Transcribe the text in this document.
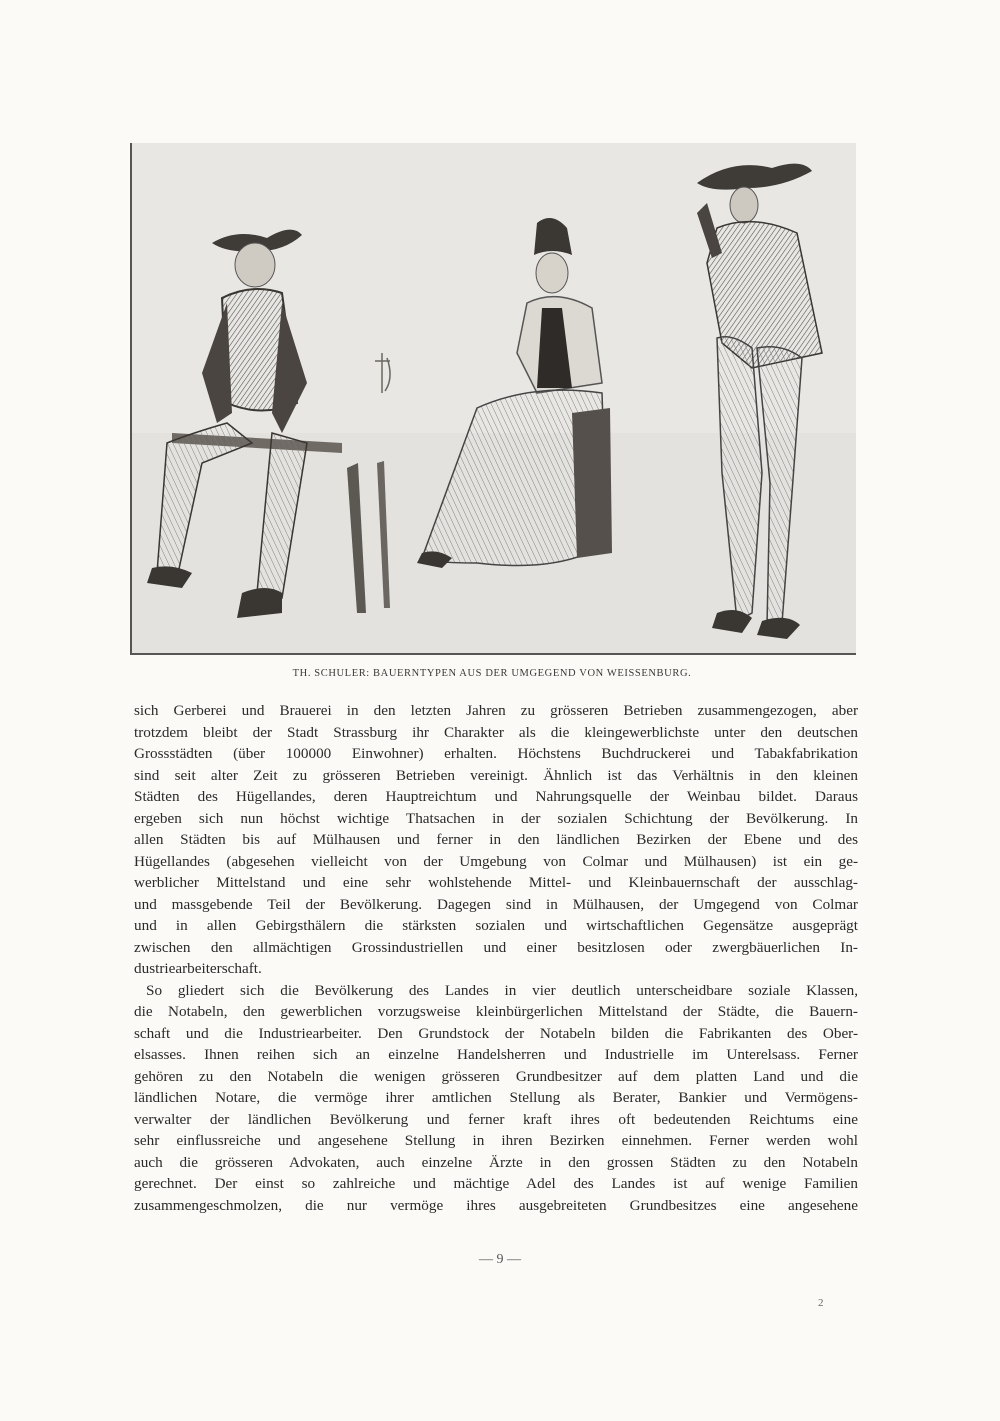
TH. SCHULER: BAUERNTYPEN AUS DER UMGEGEND VON WEISSENBURG.

sich Gerberei und Brauerei in den letzten Jahren zu grösseren Betrieben zusammengezogen, aber
trotzdem bleibt der Stadt Strassburg ihr Charakter als die kleingewerblichste unter den deutschen
Grossstädten (über 100000 Einwohner) erhalten. Höchstens Buchdruckerei und Tabakfabrikation
sind seit alter Zeit zu grösseren Betrieben vereinigt. Ähnlich ist das Verhältnis in den kleinen
Städten des Hügellandes, deren Hauptreichtum und Nahrungsquelle der Weinbau bildet. Daraus
ergeben sich nun höchst wichtige Thatsachen in der sozialen Schichtung der Bevölkerung. In
allen Städten bis auf Mülhausen und ferner in den ländlichen Bezirken der Ebene und des
Hügellandes (abgesehen vielleicht von der Umgebung von Colmar und Mülhausen) ist ein ge-
werblicher Mittelstand und eine sehr wohlstehende Mittel- und Kleinbauernschaft der ausschlag-
und massgebende Teil der Bevölkerung. Dagegen sind in Mülhausen, der Umgegend von Colmar
und in allen Gebirgsthälern die stärksten sozialen und wirtschaftlichen Gegensätze ausgeprägt
zwischen den allmächtigen Grossindustriellen und einer besitzlosen oder zwergbäuerlichen In-
dustriearbeiterschaft.

So gliedert sich die Bevölkerung des Landes in vier deutlich unterscheidbare soziale Klassen,
die Notabeln, den gewerblichen vorzugsweise kleinbürgerlichen Mittelstand der Städte, die Bauern-
schaft und die Industriearbeiter. Den Grundstock der Notabeln bilden die Fabrikanten des Ober-
elsasses. Ihnen reihen sich an einzelne Handelsherren und Industrielle im Unterelsass. Ferner
gehören zu den Notabeln die wenigen grösseren Grundbesitzer auf dem platten Land und die
ländlichen Notare, die vermöge ihrer amtlichen Stellung als Berater, Bankier und Vermögens-
verwalter der ländlichen Bevölkerung und ferner kraft ihres oft bedeutenden Reichtums eine
sehr einflussreiche und angesehene Stellung in ihren Bezirken einnehmen. Ferner werden wohl
auch die grösseren Advokaten, auch einzelne Ärzte in den grossen Städten zu den Notabeln
gerechnet. Der einst so zahlreiche und mächtige Adel des Landes ist auf wenige Familien
zusammengeschmolzen, die nur vermöge ihres ausgebreiteten Grundbesitzes eine angesehene

— 9 —
2
